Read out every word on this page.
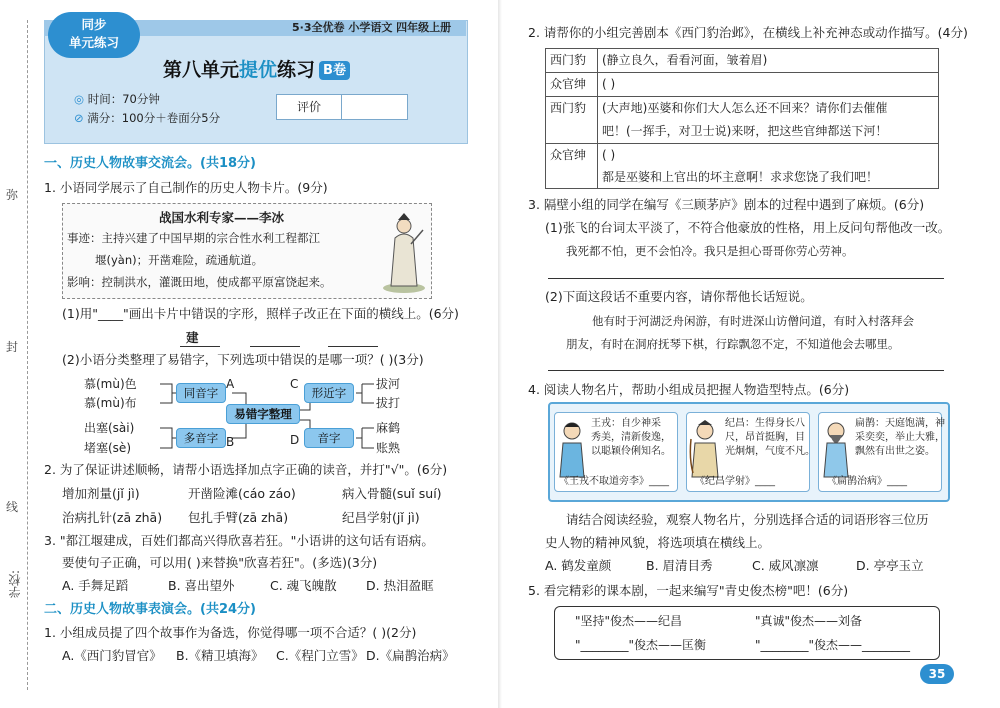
弥
封
线
学校:
同步
单元练习
5·3全优卷 小学语文 四年级上册
第八单元提优练习 B卷
◎ 时间：70分钟
⊘ 满分：100分＋卷面分5分
评价
一、历史人物故事交流会。(共18分)
1. 小语同学展示了自己制作的历史人物卡片。(9分)
战国水利专家——李冰
事迹：主持兴建了中国早期的宗合性水利工程都江
堰(yàn)；开凿难险，疏通航道。
影响：控制洪水，灌溉田地，使成都平原富饶起来。
(1)用"____"画出卡片中错误的字形，照样子改正在下面的横线上。(6分)
建
(2)小语分类整理了易错字，下列选项中错误的是哪一项？( )(3分)
慕(mù)色
慕(mù)布
出塞(sài)
堵塞(sè)
同音字
多音字
形近字
音字
易错字整理
A
B
C
D
拔河
拔打
麻鹤
账熟
2. 为了保证讲述顺畅，请帮小语选择加点字正确的读音，并打"√"。(6分)
增加剂量(jǐ jì)	开凿险滩(cáo záo)	病入骨髓(suǐ suí)
治病扎针(zā zhā) 包扎手臂(zā zhā)	纪昌学射(jǐ jì)
3. "都江堰建成，百姓们都高兴得欣喜若狂。"小语讲的这句话有语病。
要使句子正确，可以用( )来替换"欣喜若狂"。(多选)(3分)
A. 手舞足蹈	B. 喜出望外	C. 魂飞魄散 D. 热泪盈眶
二、历史人物故事表演会。(共24分)
1. 小组成员提了四个故事作为备选，你觉得哪一项不合适？( )(2分)
A.《西门豹冒官》 B.《精卫填海》 C.《程门立雪》 D.《扁鹊治病》
2. 请帮你的小组完善剧本《西门豹治邺》，在横线上补充神态或动作描写。(4分)
西门豹	(静立良久，看看河面，皱着眉)
众官绅	( )
西门豹	(大声地)巫婆和你们大人怎么还不回来？请你们去催催
吧！(一挥手，对卫士说)来呀，把这些官绅都送下河！
众官绅	( )
都是巫婆和上官出的坏主意啊！求求您饶了我们吧！
3. 隔壁小组的同学在编写《三顾茅庐》剧本的过程中遇到了麻烦。(6分)
(1)张飞的台词太平淡了，不符合他豪放的性格，用上反问句帮他改一改。
我死都不怕，更不会怕冷。我只是担心哥哥你劳心劳神。
(2)下面这段话不重要内容，请你帮他长话短说。
他有时于河湖泛舟闲游，有时进深山访僧问道，有时入村落拜会
朋友，有时在洞府抚琴下棋，行踪飘忽不定，不知道他会去哪里。
4. 阅读人物名片，帮助小组成员把握人物造型特点。(6分)
王戎：自少神采
秀美，清新俊逸，
以聪颖伶俐知名。
《王戎不取道旁李》____
纪昌：生得身长八
尺，昂首挺胸，目
光炯炯，气度不凡。
《纪昌学射》____
扁鹊：天庭饱满，神
采奕奕，举止大雅，
飘然有出世之姿。
《扁鹊治病》____
请结合阅读经验，观察人物名片，分别选择合适的词语形容三位历
史人物的精神风貌，将选项填在横线上。
A. 鹤发童颜	B. 眉清目秀	C. 威风凛凛	D. 亭亭玉立
5. 看完精彩的课本剧，一起来编写"青史俊杰榜"吧！(6分)
"坚持"俊杰——纪昌	"真诚"俊杰——刘备
"________"俊杰——匡衡	"________"俊杰——________
35
